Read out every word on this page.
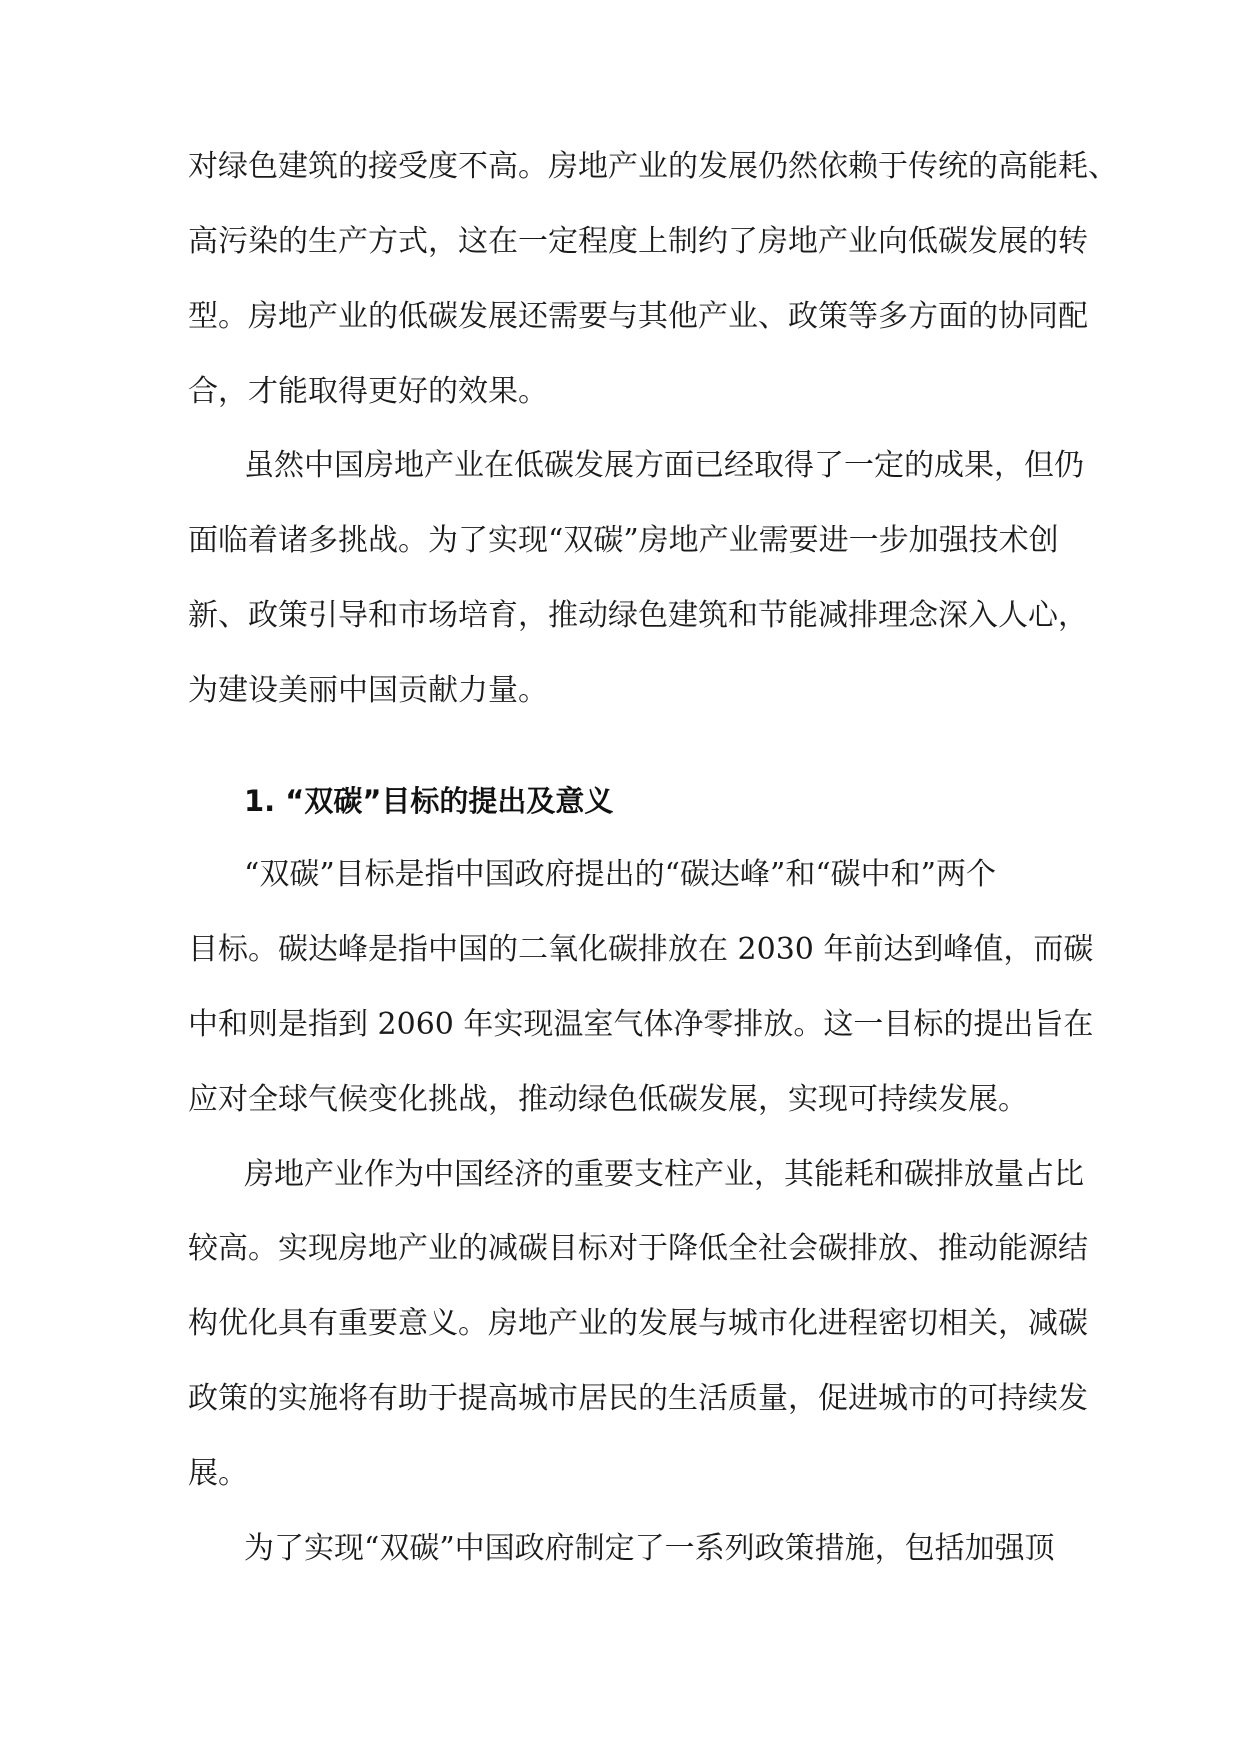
对绿色建筑的接受度不高。房地产业的发展仍然依赖于传统的高能耗、

高污染的生产方式，这在一定程度上制约了房地产业向低碳发展的转

型。房地产业的低碳发展还需要与其他产业、政策等多方面的协同配

合，才能取得更好的效果。

虽然中国房地产业在低碳发展方面已经取得了一定的成果，但仍

面临着诸多挑战。为了实现“双碳”房地产业需要进一步加强技术创

新、政策引导和市场培育，推动绿色建筑和节能减排理念深入人心，

为建设美丽中国贡献力量。

1. “双碳”目标的提出及意义

“双碳”目标是指中国政府提出的“碳达峰”和“碳中和”两个

目标。碳达峰是指中国的二氧化碳排放在 2030 年前达到峰值，而碳

中和则是指到 2060 年实现温室气体净零排放。这一目标的提出旨在

应对全球气候变化挑战，推动绿色低碳发展，实现可持续发展。

房地产业作为中国经济的重要支柱产业，其能耗和碳排放量占比

较高。实现房地产业的减碳目标对于降低全社会碳排放、推动能源结

构优化具有重要意义。房地产业的发展与城市化进程密切相关，减碳

政策的实施将有助于提高城市居民的生活质量，促进城市的可持续发

展。

为了实现“双碳”中国政府制定了一系列政策措施，包括加强顶
